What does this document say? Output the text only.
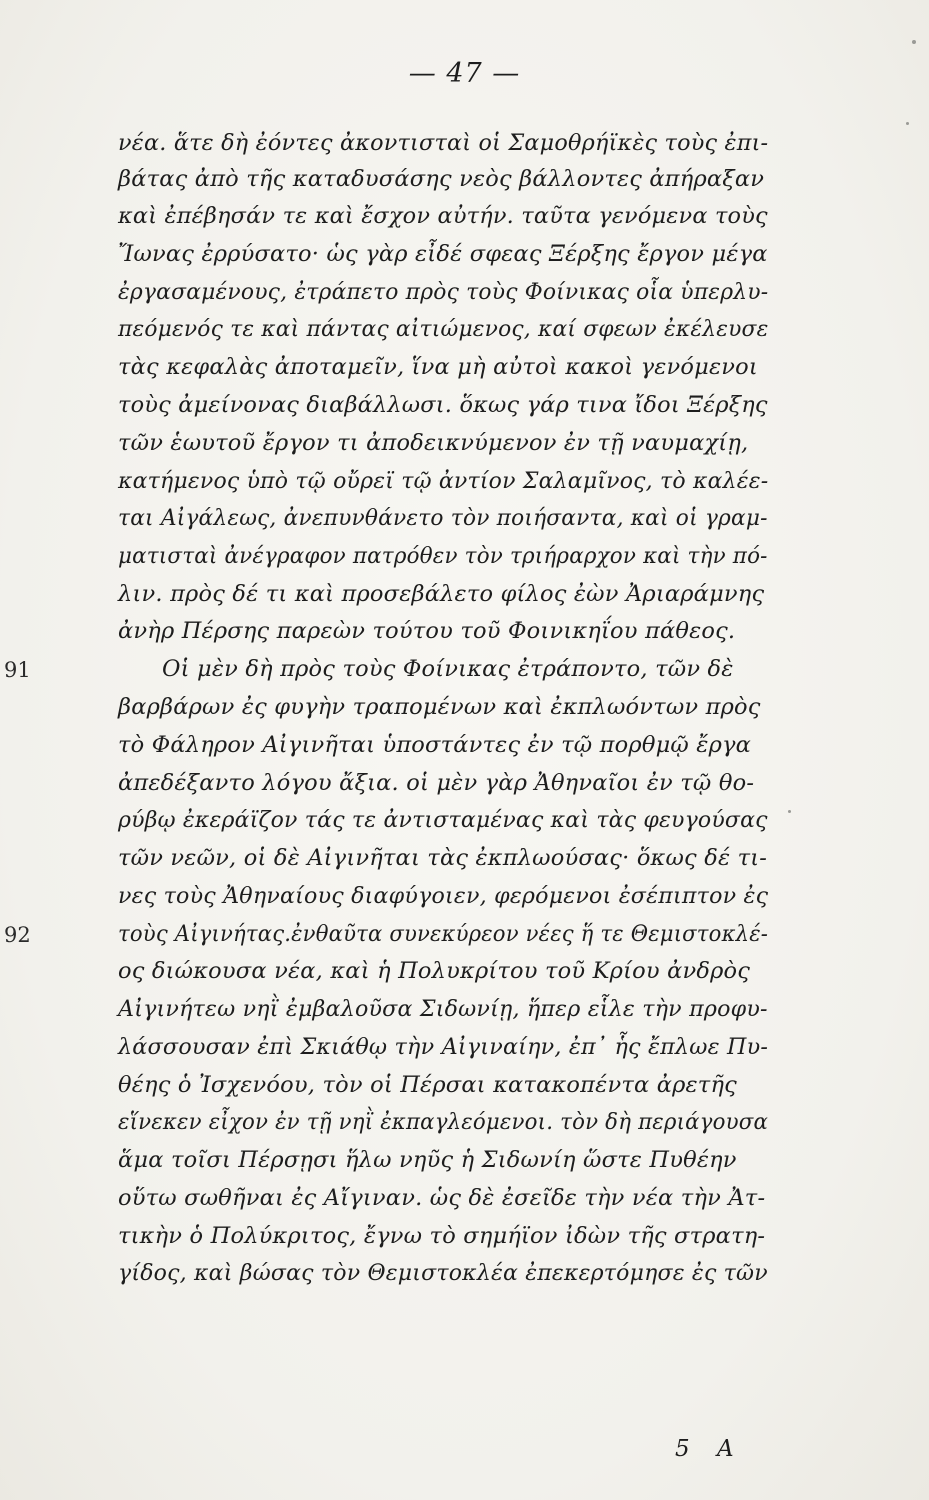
— 47 —
νέα. ἅτε δὴ ἐόντες ἀκοντισταὶ οἱ Σαμοθρήϊκὲς τοὺς ἐπι-
βάτας ἀπὸ τῆς καταδυσάσης νεὸς βάλλοντες ἀπήραξαν
καὶ ἐπέβησάν τε καὶ ἔσχον αὐτήν. ταῦτα γενόμενα τοὺς
Ἴωνας ἐρρύσατο· ὡς γὰρ εἶδέ σφεας Ξέρξης ἔργον μέγα
ἐργασαμένους, ἐτράπετο πρὸς τοὺς Φοίνικας οἷα ὑπερλυ-
πεόμενός τε καὶ πάντας αἰτιώμενος, καί σφεων ἐκέλευσε
τὰς κεφαλὰς ἀποταμεῖν, ἵνα μὴ αὐτοὶ κακοὶ γενόμενοι
τοὺς ἀμείνονας διαβάλλωσι. ὅκως γάρ τινα ἴδοι Ξέρξης
τῶν ἑωυτοῦ ἔργον τι ἀποδεικνύμενον ἐν τῇ ναυμαχίῃ,
κατήμενος ὑπὸ τῷ οὔρεϊ τῷ ἀντίον Σαλαμῖνος, τὸ καλέε-
ται Αἰγάλεως, ἀνεπυνθάνετο τὸν ποιήσαντα, καὶ οἱ γραμ-
ματισταὶ ἀνέγραφον πατρόθεν τὸν τριήραρχον καὶ τὴν πό-
λιν. πρὸς δέ τι καὶ προσεβάλετο φίλος ἐὼν Ἀριαράμνης
ἀνὴρ Πέρσης παρεὼν τούτου τοῦ Φοινικηΐου πάθεος.
91	Οἱ μὲν δὴ πρὸς τοὺς Φοίνικας ἐτράποντο, τῶν δὲ
βαρβάρων ἐς φυγὴν τραπομένων καὶ ἐκπλωόντων πρὸς
τὸ Φάληρον Αἰγινῆται ὑποστάντες ἐν τῷ πορθμῷ ἔργα
ἀπεδέξαντο λόγου ἄξια. οἱ μὲν γὰρ Ἀθηναῖοι ἐν τῷ θο-
ρύβῳ ἐκεράϊζον τάς τε ἀντισταμένας καὶ τὰς φευγούσας
τῶν νεῶν, οἱ δὲ Αἰγινῆται τὰς ἐκπλωούσας· ὅκως δέ τι-
νες τοὺς Ἀθηναίους διαφύγοιεν, φερόμενοι ἐσέπιπτον ἐς
92	τοὺς Αἰγινήτας.ἐνθαῦτα συνεκύρεον νέες ἥ τε Θεμιστοκλέ-
ος διώκουσα νέα, καὶ ἡ Πολυκρίτου τοῦ Κρίου ἀνδρὸς
Αἰγινήτεω νηῒ ἐμβαλοῦσα Σιδωνίῃ, ἥπερ εἷλε τὴν προφυ-
λάσσουσαν ἐπὶ Σκιάθῳ τὴν Αἰγιναίην, ἐπ᾽ ἧς ἔπλωε Πυ-
θέης ὁ Ἰσχενόου, τὸν οἱ Πέρσαι κατακοπέντα ἀρετῆς
εἵνεκεν εἶχον ἐν τῇ νηῒ ἐκπαγλεόμενοι. τὸν δὴ περιάγουσα
ἅμα τοῖσι Πέρσῃσι ἥλω νηῦς ἡ Σιδωνίη ὥστε Πυθέην
οὕτω σωθῆναι ἐς Αἴγιναν. ὡς δὲ ἐσεῖδε τὴν νέα τὴν Ἀτ-
τικὴν ὁ Πολύκριτος, ἔγνω τὸ σημήϊον ἰδὼν τῆς στρατη-
γίδος, καὶ βώσας τὸν Θεμιστοκλέα ἐπεκερτόμησε ἐς τῶν
5 A
